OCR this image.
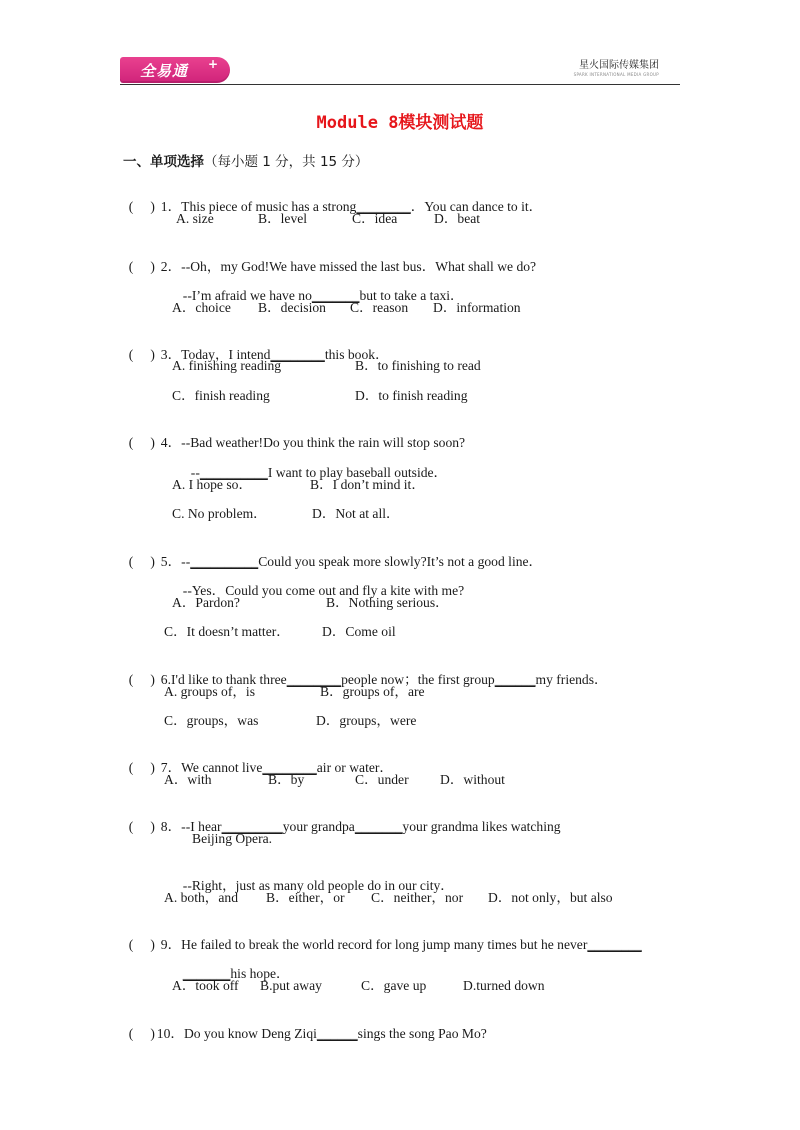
全易通 +	星火国际传媒集团
SPARK INTERNATIONAL MEDIA GROUP
Module 8模块测试题
一、单项选择（每小题 1 分，共 15 分）

(     ) 1．This piece of music has a strong________．You can dance to it．

A. size	B．level	C．idea	D．beat

(     ) 2．--Oh，my God!We have missed the last bus．What shall we do?

--I’m afraid we have no_______but to take a taxi．

A．choice B．decision C．reason D．information

(     ) 3．Today，I intend________this book．

A. finishing reading	B．to finishing to read
C．finish reading	D．to finish reading

(     ) 4．--Bad weather!Do you think the rain will stop soon?

--__________I want to play baseball outside．

A. I hope so．	B．I don’t mind it．
C. No problem．	D．Not at all．

(     ) 5．--__________Could you speak more slowly?It’s not a good line．

--Yes．Could you come out and fly a kite with me?

A．Pardon?	B．Nothing serious．
C．It doesn’t matter． D．Come oil

(     ) 6.I'd like to thank three________people now；the first group______my friends．

A. groups of，is	B．groups of，are
C．groups，was	D．groups，were

(     ) 7．We cannot live________air or water．

A．with	B．by	C．under D．without

(     ) 8．--I hear_________your grandpa_______your grandma likes watching

Beijing Opera.

--Right，just as many old people do in our city．

A. both，and B．either，or C．neither，nor D．not only，but also

(     ) 9．He failed to break the world record for long jump many times but he never________

_______his hope．

A．took off B.put away	C．gave up	D.turned down

(     ) 10．Do you know Deng Ziqi______sings the song Pao Mo?
